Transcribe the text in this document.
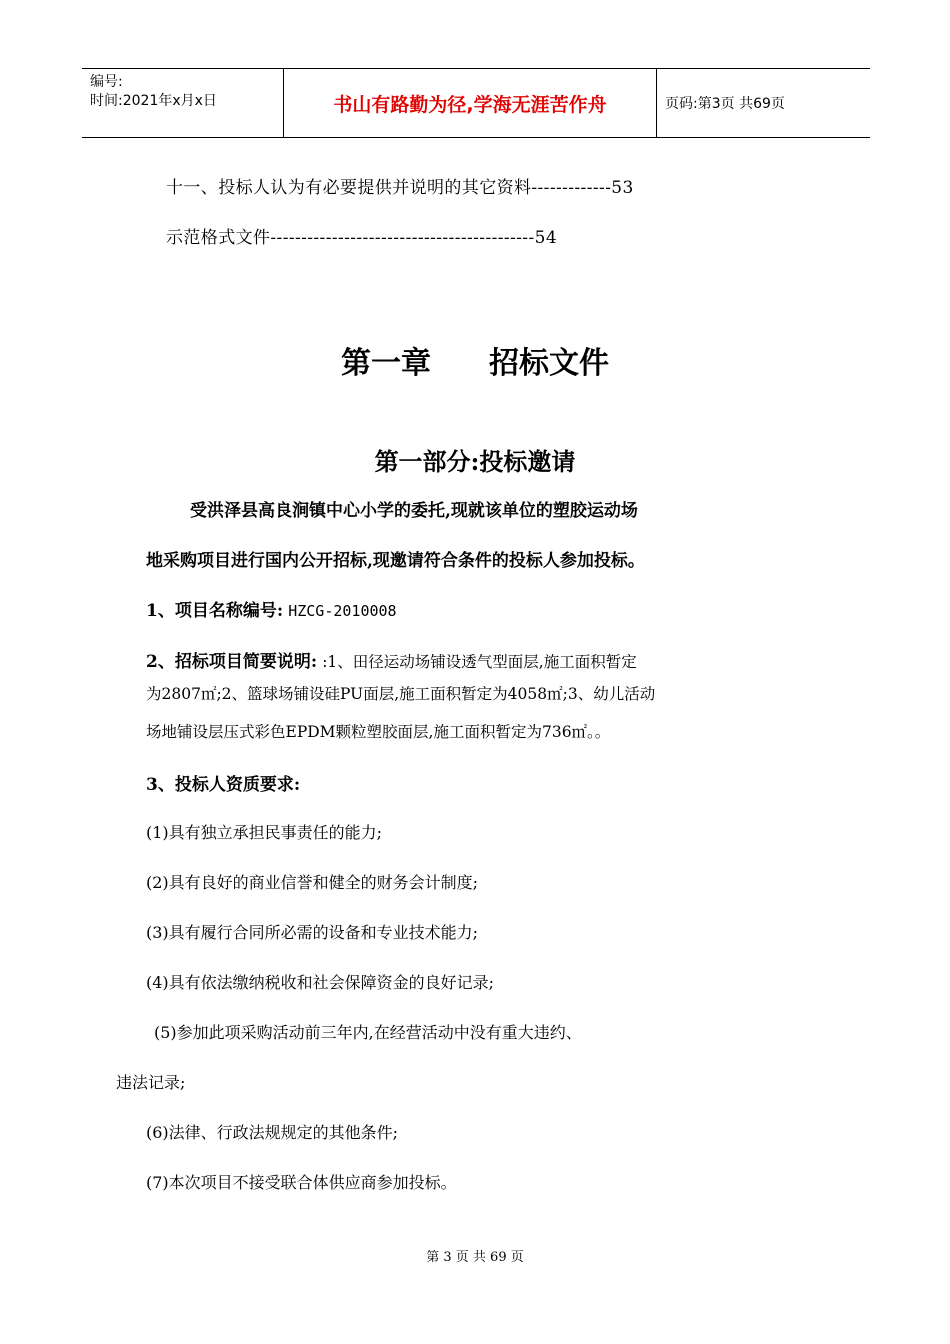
编号:
时间:2021年x月x日	书山有路勤为径,学海无涯苦作舟	页码:第3页 共69页
十一、投标人认为有必要提供并说明的其它资料-------------53
示范格式文件-------------------------------------------54
第一章 招标文件
第一部分:投标邀请
受洪泽县高良涧镇中心小学的委托,现就该单位的塑胶运动场
地采购项目进行国内公开招标,现邀请符合条件的投标人参加投标。
1、项目名称编号: HZCG-2010008
2、招标项目简要说明: :1、田径运动场铺设透气型面层,施工面积暂定
为2807㎡;2、篮球场铺设硅PU面层,施工面积暂定为4058㎡;3、幼儿活动
场地铺设层压式彩色EPDM颗粒塑胶面层,施工面积暂定为736㎡。。
3、投标人资质要求:
(1)具有独立承担民事责任的能力;
(2)具有良好的商业信誉和健全的财务会计制度;
(3)具有履行合同所必需的设备和专业技术能力;
(4)具有依法缴纳税收和社会保障资金的良好记录;
(5)参加此项采购活动前三年内,在经营活动中没有重大违约、
违法记录;
(6)法律、行政法规规定的其他条件;
(7)本次项目不接受联合体供应商参加投标。
第 3 页 共 69 页
